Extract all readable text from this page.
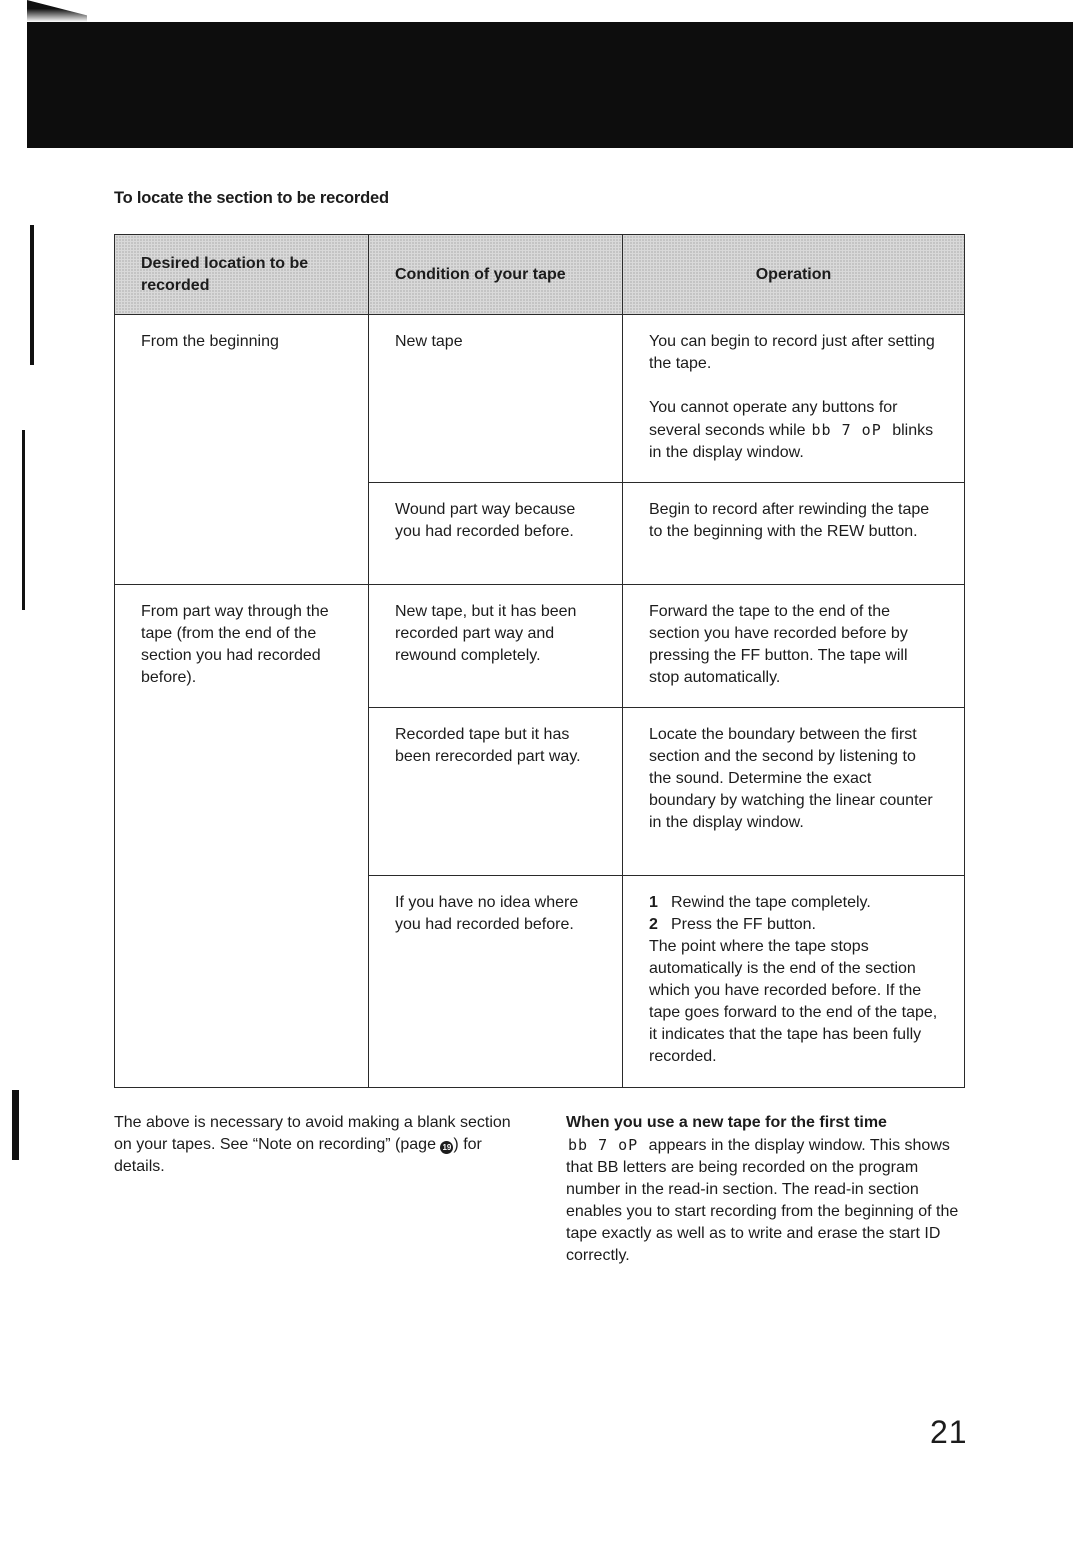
To locate the section to be recorded
Desired location to be recorded	Condition of your tape	Operation
From the beginning	New tape	You can begin to record just after setting the tape.
You cannot operate any buttons for several seconds while bb 7 oP blinks in the display window.

	Wound part way because you had recorded before.	Begin to record after rewinding the tape to the beginning with the REW button.
From part way through the tape (from the end of the section you had recorded before).	New tape, but it has been recorded part way and rewound completely.	Forward the tape to the end of the section you have recorded before by pressing the FF button. The tape will stop automatically.
	Recorded tape but it has been rerecorded part way.	Locate the boundary between the first section and the second by listening to the sound. Determine the exact boundary by watching the linear counter in the display window.
	If you have no idea where you had recorded before.	1 Rewind the tape completely.
2 Press the FF button.
The point where the tape stops automatically is the end of the section which you have recorded before. If the tape goes forward to the end of the tape, it indicates that the tape has been fully recorded.
The above is necessary to avoid making a blank section on your tapes. See “Note on recording” (page 19 ) for details.
When you use a new tape for the first time
bb 7 oP appears in the display window. This shows that BB letters are being recorded on the program number in the read-in section. The read-in section enables you to start recording from the beginning of the tape exactly as well as to write and erase the start ID correctly.
21
